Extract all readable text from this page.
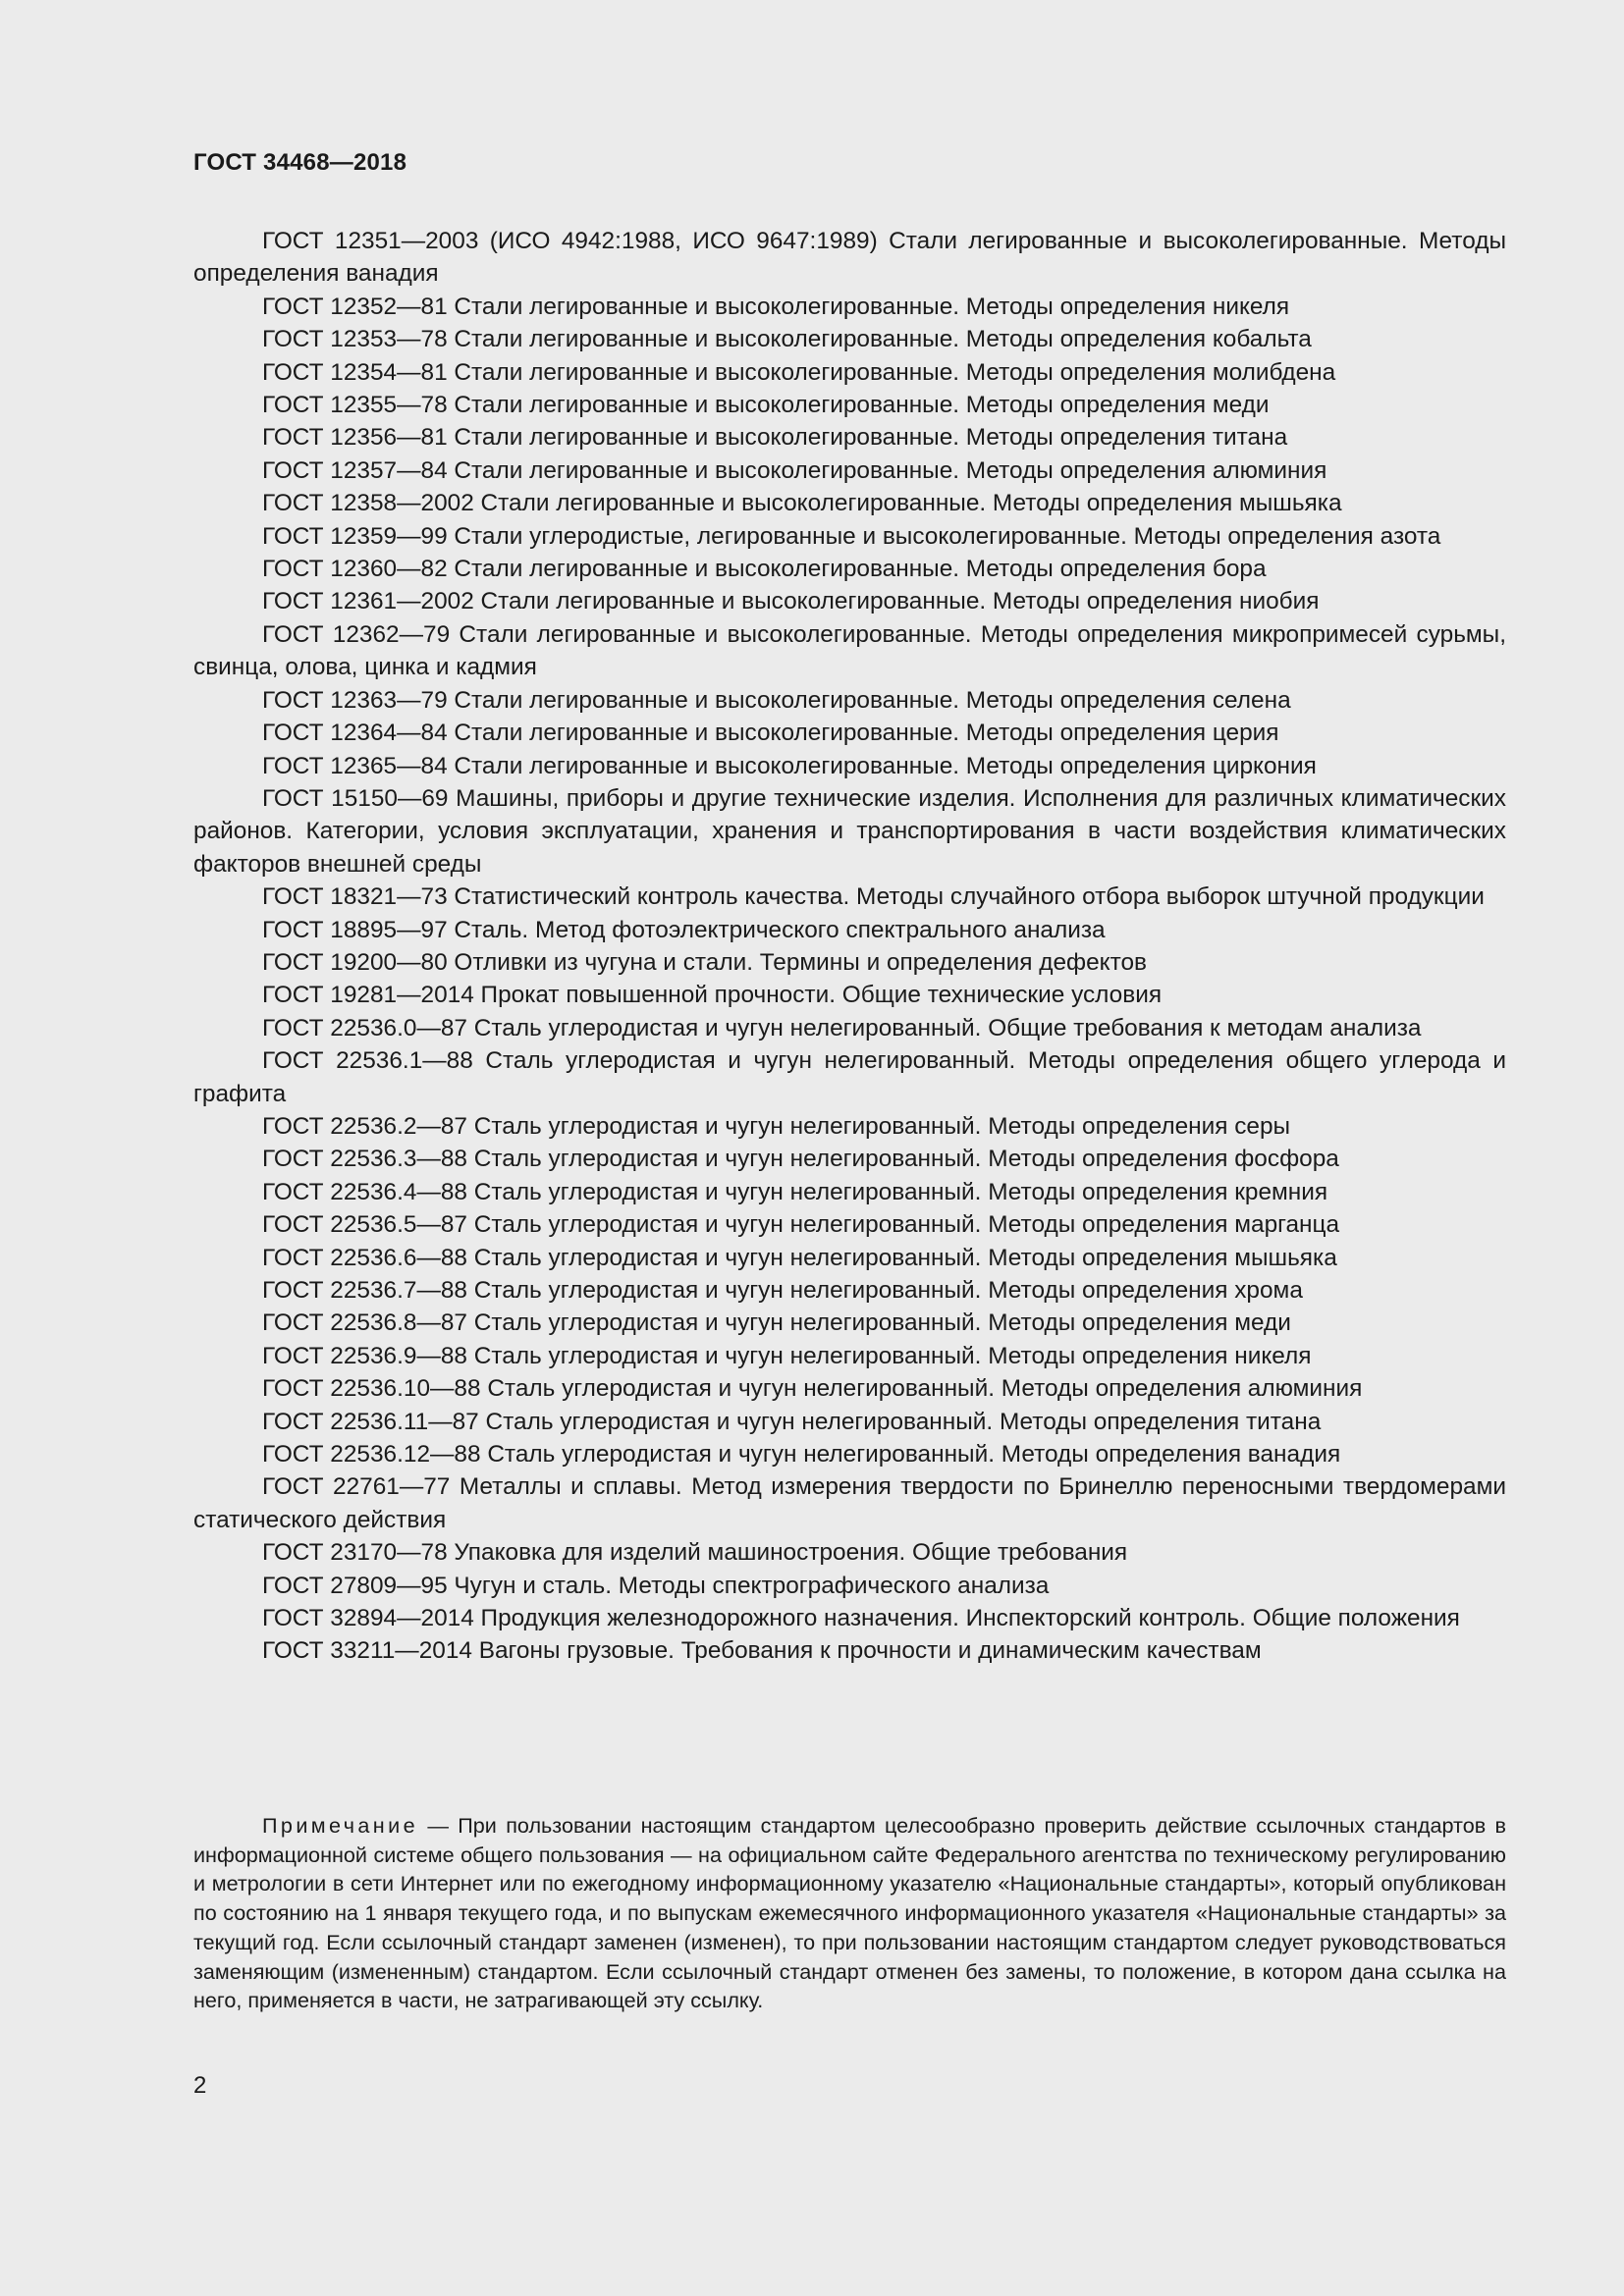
ГОСТ 34468—2018

ГОСТ 12351—2003 (ИСО 4942:1988, ИСО 9647:1989) Стали легированные и высоколегированные. Методы определения ванадия

ГОСТ 12352—81 Стали легированные и высоколегированные. Методы определения никеля

ГОСТ 12353—78 Стали легированные и высоколегированные. Методы определения кобальта

ГОСТ 12354—81 Стали легированные и высоколегированные. Методы определения молибдена

ГОСТ 12355—78 Стали легированные и высоколегированные. Методы определения меди

ГОСТ 12356—81 Стали легированные и высоколегированные. Методы определения титана

ГОСТ 12357—84 Стали легированные и высоколегированные. Методы определения алюминия

ГОСТ 12358—2002 Стали легированные и высоколегированные. Методы определения мышьяка

ГОСТ 12359—99 Стали углеродистые, легированные и высоколегированные. Методы определения азота

ГОСТ 12360—82 Стали легированные и высоколегированные. Методы определения бора

ГОСТ 12361—2002 Стали легированные и высоколегированные. Методы определения ниобия

ГОСТ 12362—79 Стали легированные и высоколегированные. Методы определения микропримесей сурьмы, свинца, олова, цинка и кадмия

ГОСТ 12363—79 Стали легированные и высоколегированные. Методы определения селена

ГОСТ 12364—84 Стали легированные и высоколегированные. Методы определения церия

ГОСТ 12365—84 Стали легированные и высоколегированные. Методы определения циркония

ГОСТ 15150—69 Машины, приборы и другие технические изделия. Исполнения для различных климатических районов. Категории, условия эксплуатации, хранения и транспортирования в части воздействия климатических факторов внешней среды

ГОСТ 18321—73 Статистический контроль качества. Методы случайного отбора выборок штучной продукции

ГОСТ 18895—97 Сталь. Метод фотоэлектрического спектрального анализа

ГОСТ 19200—80 Отливки из чугуна и стали. Термины и определения дефектов

ГОСТ 19281—2014 Прокат повышенной прочности. Общие технические условия

ГОСТ 22536.0—87 Сталь углеродистая и чугун нелегированный. Общие требования к методам анализа

ГОСТ 22536.1—88 Сталь углеродистая и чугун нелегированный. Методы определения общего углерода и графита

ГОСТ 22536.2—87 Сталь углеродистая и чугун нелегированный. Методы определения серы

ГОСТ 22536.3—88 Сталь углеродистая и чугун нелегированный. Методы определения фосфора

ГОСТ 22536.4—88 Сталь углеродистая и чугун нелегированный. Методы определения кремния

ГОСТ 22536.5—87 Сталь углеродистая и чугун нелегированный. Методы определения марганца

ГОСТ 22536.6—88 Сталь углеродистая и чугун нелегированный. Методы определения мышьяка

ГОСТ 22536.7—88 Сталь углеродистая и чугун нелегированный. Методы определения хрома

ГОСТ 22536.8—87 Сталь углеродистая и чугун нелегированный. Методы определения меди

ГОСТ 22536.9—88 Сталь углеродистая и чугун нелегированный. Методы определения никеля

ГОСТ 22536.10—88 Сталь углеродистая и чугун нелегированный. Методы определения алюминия

ГОСТ 22536.11—87 Сталь углеродистая и чугун нелегированный. Методы определения титана

ГОСТ 22536.12—88 Сталь углеродистая и чугун нелегированный. Методы определения ванадия

ГОСТ 22761—77 Металлы и сплавы. Метод измерения твердости по Бринеллю переносными твердомерами статического действия

ГОСТ 23170—78 Упаковка для изделий машиностроения. Общие требования

ГОСТ 27809—95 Чугун и сталь. Методы спектрографического анализа

ГОСТ 32894—2014 Продукция железнодорожного назначения. Инспекторский контроль. Общие положения

ГОСТ 33211—2014 Вагоны грузовые. Требования к прочности и динамическим качествам

Примечание — При пользовании настоящим стандартом целесообразно проверить действие ссылочных стандартов в информационной системе общего пользования — на официальном сайте Федерального агентства по техническому регулированию и метрологии в сети Интернет или по ежегодному информационному указателю «Национальные стандарты», который опубликован по состоянию на 1 января текущего года, и по выпускам ежемесячного информационного указателя «Национальные стандарты» за текущий год. Если ссылочный стандарт заменен (изменен), то при пользовании настоящим стандартом следует руководствоваться заменяющим (измененным) стандартом. Если ссылочный стандарт отменен без замены, то положение, в котором дана ссылка на него, применяется в части, не затрагивающей эту ссылку.

2
